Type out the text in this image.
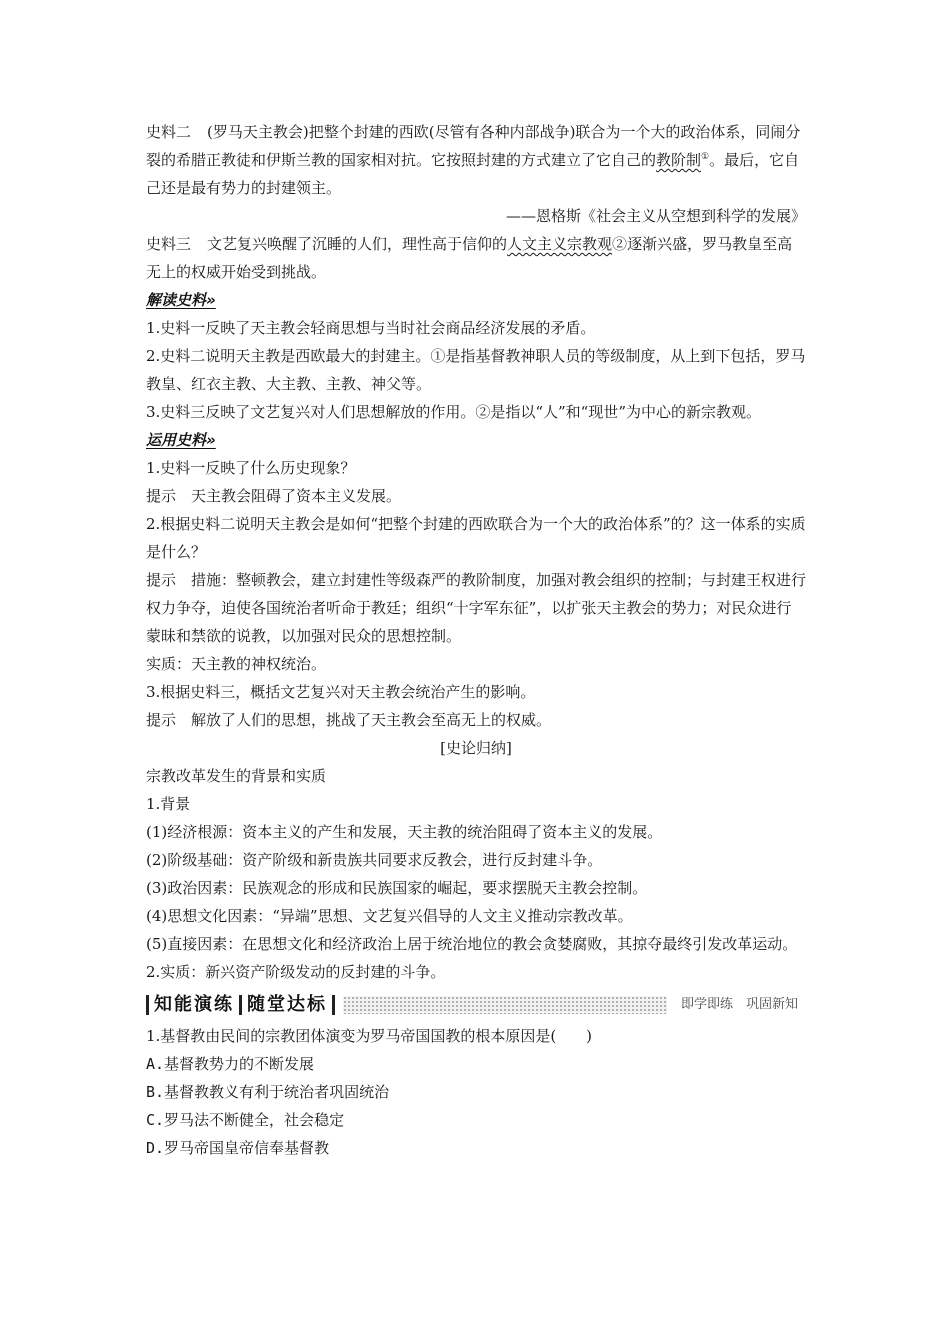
史料二 (罗马天主教会)把整个封建的西欧(尽管有各种内部战争)联合为一个大的政治体系，同闹分裂的希腊正教徒和伊斯兰教的国家相对抗。它按照封建的方式建立了它自己的教阶制①。最后，它自己还是最有势力的封建领主。

——恩格斯《社会主义从空想到科学的发展》

史料三 文艺复兴唤醒了沉睡的人们，理性高于信仰的人文主义宗教观②逐渐兴盛，罗马教皇至高无上的权威开始受到挑战。

解读史料»

1.史料一反映了天主教会轻商思想与当时社会商品经济发展的矛盾。

2.史料二说明天主教是西欧最大的封建主。①是指基督教神职人员的等级制度，从上到下包括，罗马教皇、红衣主教、大主教、主教、神父等。

3.史料三反映了文艺复兴对人们思想解放的作用。②是指以“人”和“现世”为中心的新宗教观。

运用史料»

1.史料一反映了什么历史现象？

提示　天主教会阻碍了资本主义发展。

2.根据史料二说明天主教会是如何“把整个封建的西欧联合为一个大的政治体系”的？这一体系的实质是什么？

提示　措施：整顿教会，建立封建性等级森严的教阶制度，加强对教会组织的控制；与封建王权进行权力争夺，迫使各国统治者听命于教廷；组织“十字军东征”，以扩张天主教会的势力；对民众进行蒙昧和禁欲的说教，以加强对民众的思想控制。

实质：天主教的神权统治。

3.根据史料三，概括文艺复兴对天主教会统治产生的影响。

提示　解放了人们的思想，挑战了天主教会至高无上的权威。

[史论归纳]

宗教改革发生的背景和实质

1.背景

(1)经济根源：资本主义的产生和发展，天主教的统治阻碍了资本主义的发展。

(2)阶级基础：资产阶级和新贵族共同要求反教会，进行反封建斗争。

(3)政治因素：民族观念的形成和民族国家的崛起，要求摆脱天主教会控制。

(4)思想文化因素：“异端”思想、文艺复兴倡导的人文主义推动宗教改革。

(5)直接因素：在思想文化和经济政治上居于统治地位的教会贪婪腐败，其掠夺最终引发改革运动。

2.实质：新兴资产阶级发动的反封建的斗争。

知能演练 随堂达标	即学即练　巩固新知

1.基督教由民间的宗教团体演变为罗马帝国国教的根本原因是(　　)

A.基督教势力的不断发展

B.基督教教义有利于统治者巩固统治

C.罗马法不断健全，社会稳定

D.罗马帝国皇帝信奉基督教
